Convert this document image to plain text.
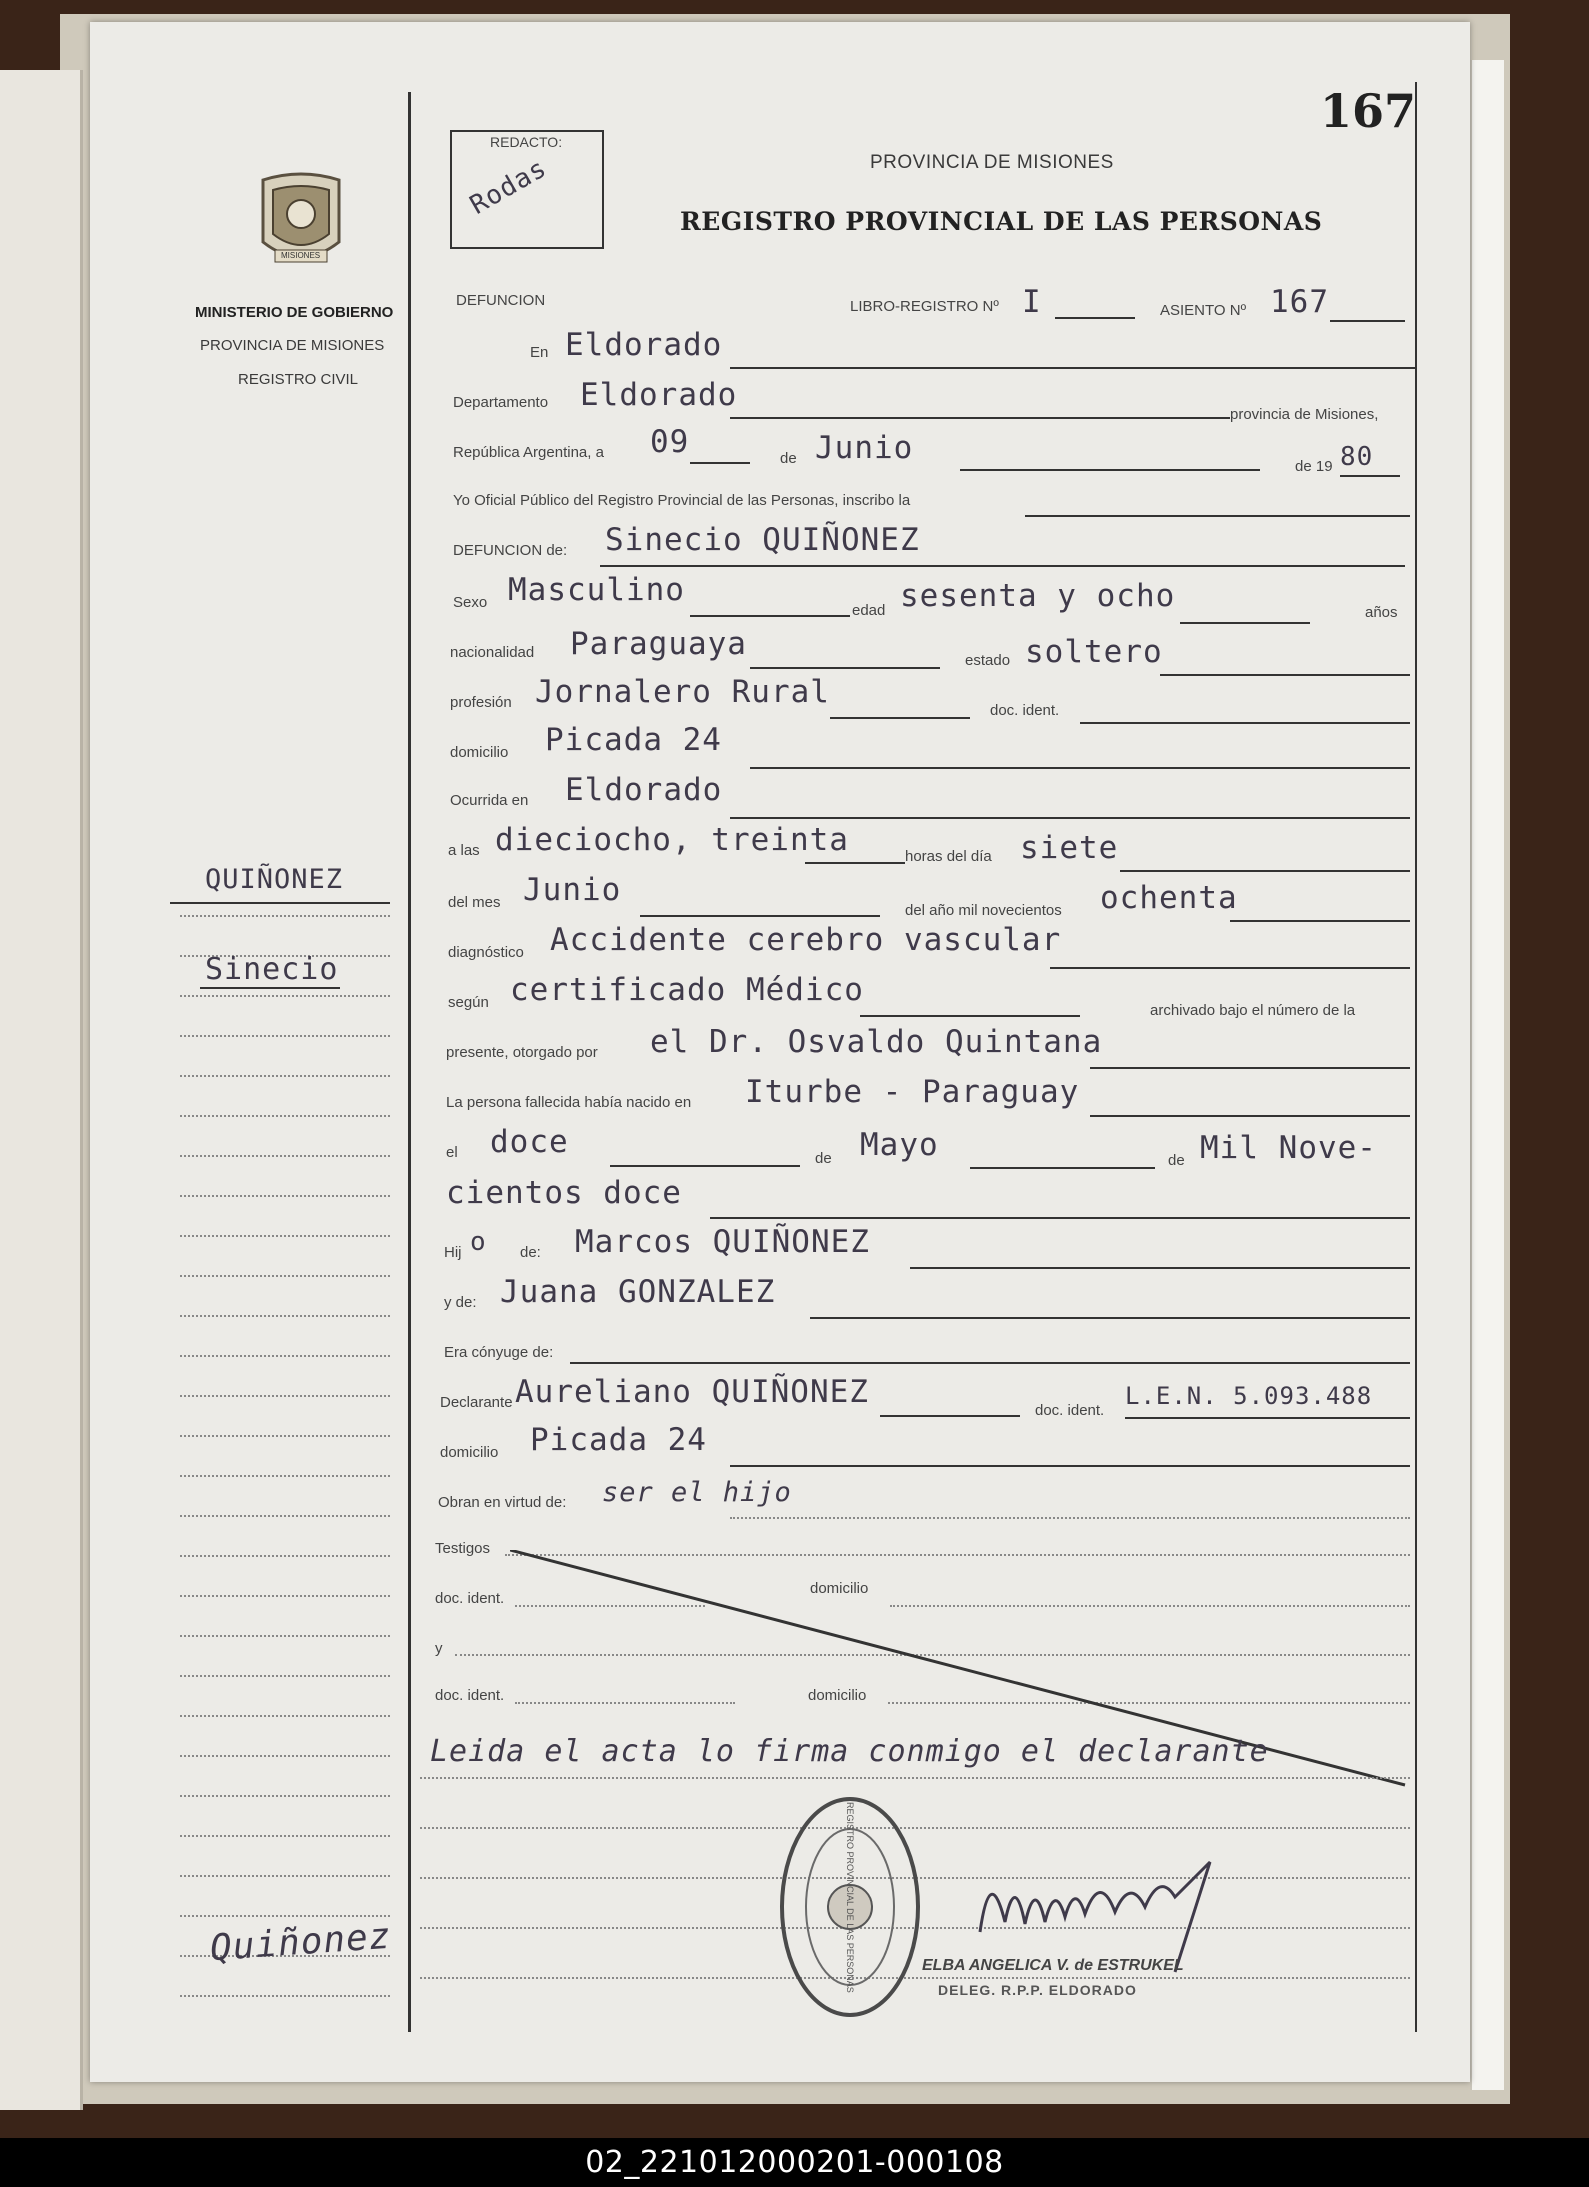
167
REDACTO:
Rodas	PROVINCIA DE MISIONES
REGISTRO PROVINCIAL DE LAS PERSONAS
MISIONES
MINISTERIO DE GOBIERNO
PROVINCIA DE MISIONES
REGISTRO CIVIL
QUIÑONEZ
Sinecio
Quiñonez
DEFUNCION	LIBRO-REGISTRO Nº I	ASIENTO Nº 167
En Eldorado
Departamento Eldorado
provincia de Misiones,
República Argentina, a 09	de Junio
de 19 80
Yo Oficial Público del Registro Provincial de las Personas, inscribo la
DEFUNCION de: Sinecio QUIÑONEZ
Sexo Masculino
edad sesenta y ocho	años
nacionalidad Paraguaya	estado soltero
profesión Jornalero Rural
doc. ident.
domicilio Picada 24
Ocurrida en Eldorado
a las dieciocho, treinta	horas del día siete
del mes Junio
del año mil novecientos ochenta
diagnóstico Accidente cerebro vascular
según certificado Médico
archivado bajo el número de la
presente, otorgado por el Dr. Osvaldo Quintana
La persona fallecida había nacido en Iturbe - Paraguay
el doce	de Mayo	de Mil Nove-
cientos doce
Hij o de: Marcos QUIÑONEZ
y de: Juana GONZALEZ
Era cónyuge de:
Declarante Aureliano QUIÑONEZ
doc. ident.
L.E.N. 5.093.488
domicilio Picada 24
Obran en virtud de: ser el hijo
Testigos
doc. ident.
domicilio
y
doc. ident.	domicilio
Leida el acta lo firma conmigo el declarante
REGISTRO PROVINCIAL DE LAS PERSONAS	ELBA ANGELICA V. de ESTRUKEL
DELEG. R.P.P. ELDORADO
02_221012000201-000108
